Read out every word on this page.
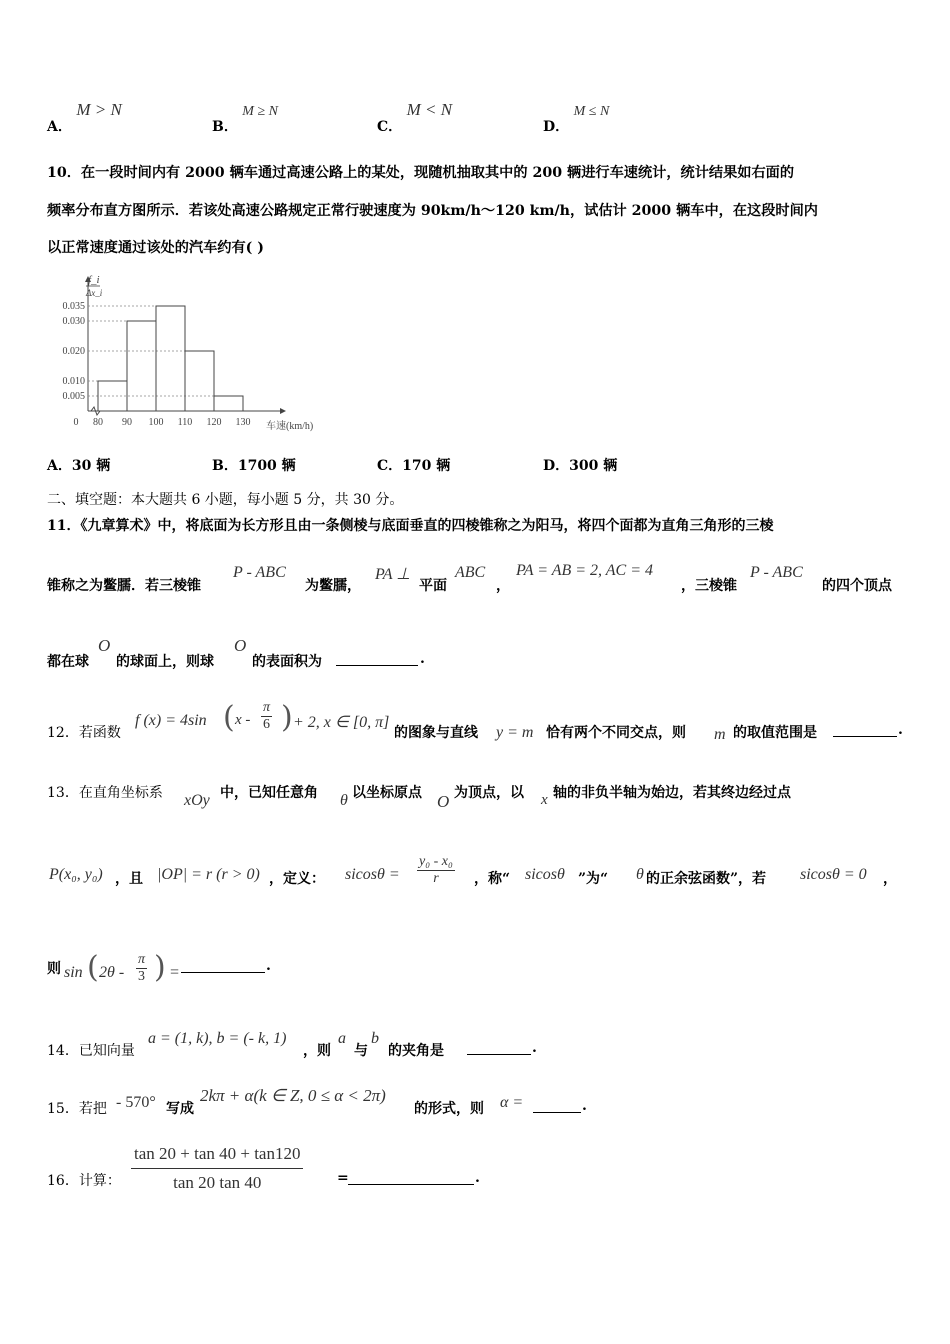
A． M > N
B． M ≥ N
C． M < N
D． M ≤ N
10．在一段时间内有 2000 辆车通过高速公路上的某处，现随机抽取其中的 200 辆进行车速统计，统计结果如右面的
频率分布直方图所示．若该处高速公路规定正常行驶速度为 90km/h～120 km/h，试估计 2000 辆车中，在这段时间内
以正常速度通过该处的汽车约有( )
0.005
0.010
0.020
0.030
0.035
0 80 90 100 110 120 130
f_i
Δx_i
车速(km/h)
A．30 辆	B．1700 辆	C．170 辆	D．300 辆
二、填空题：本大题共 6 小题，每小题 5 分，共 30 分。
11．《九章算术》中，将底面为长方形且由一条侧棱与底面垂直的四棱锥称之为阳马，将四个面都为直角三角形的三棱
锥称之为鳖臑．若三棱锥
P - ABC
为鳖臑，
PA ⊥
平面
ABC
，
PA = AB = 2, AC = 4
，三棱锥
P - ABC
的四个顶点
都在球
O
的球面上，则球
O
的表面积为	.
12．若函数
f (x) = 4sin ( x - $\frac{\pi}{6}$ ) + 2, x ∈ [0, π]
的图象与直线 y = m 恰有两个不同交点，则 m 的取值范围是	.
13．在直角坐标系 xOy 中，已知任意角 θ 以坐标原点 O 为顶点，以 x 轴的非负半轴为始边，若其终边经过点
P(x₀, y₀) ，且 |OP| = r (r > 0) ，定义： $sicos\theta = \frac{\text{y₀ - x₀}}{r}$ ，称“ sicosθ ”为“ θ 的正余弦函数”，若 sicosθ = 0 ，
则 sin ( $2\theta - \frac{\pi}{3}$ ) =	.
14．已知向量
a = (1, k), b = (- k, 1)
，则
a
与
b
的夹角是	.
15．若把 - 570° 写成
2kπ + α(k ∈ Z, 0 ≤ α < 2π)
的形式，则 α =	.
16．计算： $\frac{\tan 20 + \tan 40 + \tan 120}{\tan 20 \tan 40}$ =	.
